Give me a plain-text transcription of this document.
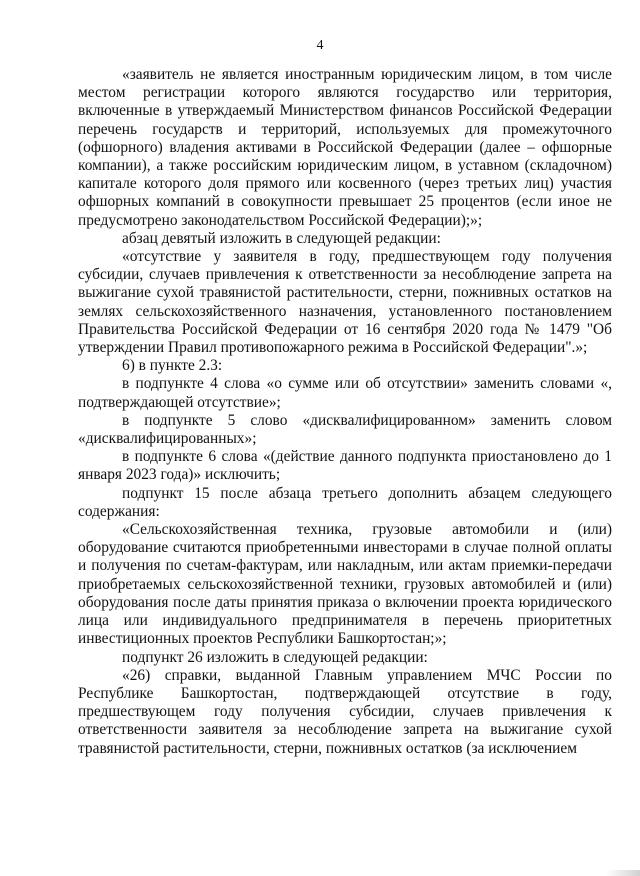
4

«заявитель не является иностранным юридическим лицом, в том числе местом регистрации которого являются государство или территория, включенные в утверждаемый Министерством финансов Российской Федерации перечень государств и территорий, используемых для промежуточного (офшорного) владения активами в Российской Федерации (далее – офшорные компании), а также российским юридическим лицом, в уставном (складочном) капитале которого доля прямого или косвенного (через третьих лиц) участия офшорных компаний в совокупности превышает 25 процентов (если иное не предусмотрено законодательством Российской Федерации);»;

абзац девятый изложить в следующей редакции:

«отсутствие у заявителя в году, предшествующем году получения субсидии, случаев привлечения к ответственности за несоблюдение запрета на выжигание сухой травянистой растительности, стерни, пожнивных остатков на землях сельскохозяйственного назначения, установленного постановлением Правительства Российской Федерации от 16 сентября 2020 года № 1479 "Об утверждении Правил противопожарного режима в Российской Федерации".»;

6) в пункте 2.3:

в подпункте 4 слова «о сумме или об отсутствии» заменить словами «, подтверждающей отсутствие»;

в подпункте 5 слово «дисквалифицированном» заменить словом «дисквалифицированных»;

в подпункте 6 слова «(действие данного подпункта приостановлено до 1 января 2023 года)» исключить;

подпункт 15 после абзаца третьего дополнить абзацем следующего содержания:

«Сельскохозяйственная техника, грузовые автомобили и (или) оборудование считаются приобретенными инвесторами в случае полной оплаты и получения по счетам-фактурам, или накладным, или актам приемки-передачи приобретаемых сельскохозяйственной техники, грузовых автомобилей и (или) оборудования после даты принятия приказа о включении проекта юридического лица или индивидуального предпринимателя в перечень приоритетных инвестиционных проектов Республики Башкортостан;»;

подпункт 26 изложить в следующей редакции:

«26) справки, выданной Главным управлением МЧС России по Республике Башкортостан, подтверждающей отсутствие в году, предшествующем году получения субсидии, случаев привлечения к ответственности заявителя за несоблюдение запрета на выжигание сухой травянистой растительности, стерни, пожнивных остатков (за исключением
